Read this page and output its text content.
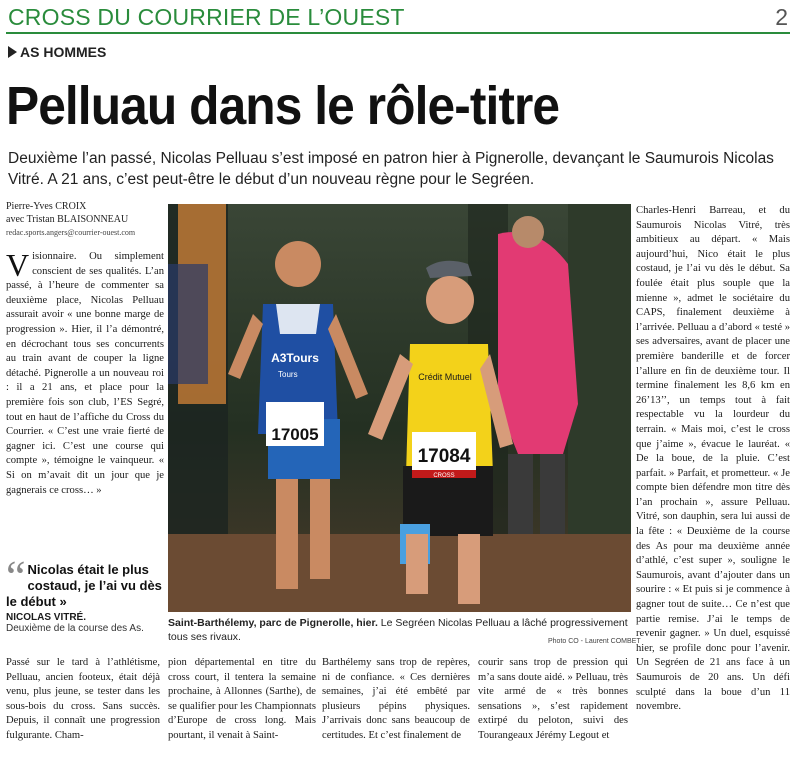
CROSS DU COURRIER DE L’OUEST	2
AS HOMMES
Pelluau dans le rôle-titre
Deuxième l’an passé, Nicolas Pelluau s’est imposé en patron hier à Pignerolle, devançant le Saumurois Nicolas Vitré. A 21 ans, c’est peut-être le début d’un nouveau règne pour le Segréen.
Pierre-Yves CROIX
avec Tristan BLAISONNEAU
redac.sports.angers@courrier-ouest.com
Visionnaire. Ou simplement conscient de ses qualités. L’an passé, à l’heure de commenter sa deuxième place, Nicolas Pelluau assurait avoir « une bonne marge de progression ». Hier, il l’a démontré, en décrochant tous ses concurrents au train avant de couper la ligne détaché. Pignerolle a un nouveau roi : il a 21 ans, et place pour la première fois son club, l’ES Segré, tout en haut de l’affiche du Cross du Courrier. « C’est une vraie fierté de gagner ici. C’est une course qui compte », témoigne le vainqueur. « Si on m’avait dit un jour que je gagnerais ce cross… »
“ Nicolas était le plus costaud, je l’ai vu dès le début »
NICOLAS VITRÉ.
Deuxième de la course des As.
A3Tours
Tours
17005
Crédit Mutuel
17084
CROSS
Saint-Barthélemy, parc de Pignerolle, hier. Le Segréen Nicolas Pelluau a lâché progressivement tous ses rivaux.	Photo CO - Laurent COMBET
Charles-Henri Barreau, et du Saumurois Nicolas Vitré, très ambitieux au départ. « Mais aujourd’hui, Nico était le plus costaud, je l’ai vu dès le début. Sa foulée était plus souple que la mienne », admet le sociétaire du CAPS, finalement deuxième à l’arrivée. Pelluau a d’abord « testé » ses adversaires, avant de placer une première banderille et de forcer l’allure en fin de deuxième tour. Il termine finalement les 8,6 km en 26’13’’, un temps tout à fait respectable vu la lourdeur du terrain. « Mais moi, c’est le cross que j’aime », évacue le lauréat. « De la boue, de la pluie. C’est parfait. » Parfait, et prometteur. « Je compte bien défendre mon titre dès l’an prochain », assure Pelluau. Vitré, son dauphin, sera lui aussi de la fête : « Deuxième de la course des As pour ma deuxième année d’athlé, c’est super », souligne le Saumurois, avant d’ajouter dans un sourire : « Et puis si je commence à gagner tout de suite… Ce n’est que partie remise. J’ai le temps de revenir gagner. » Un duel, esquissé hier, se profile donc pour l’avenir. Un Segréen de 21 ans face à un Saumurois de 20 ans. Un défi sculpté dans la boue d’un 11 novembre.
Passé sur le tard à l’athlétisme, Pelluau, ancien footeux, était déjà venu, plus jeune, se tester dans les sous-bois du cross. Sans succès. Depuis, il connaît une progression fulgurante. Cham-
pion départemental en titre du cross court, il tentera la semaine prochaine, à Allonnes (Sarthe), de se qualifier pour les Championnats d’Europe de cross long. Mais pourtant, il venait à Saint-
Barthélemy sans trop de repères, ni de confiance. « Ces dernières semaines, j’ai été embêté par plusieurs pépins physiques. J’arrivais donc sans beaucoup de certitudes. Et c’est finalement de
courir sans trop de pression qui m’a sans doute aidé. » Pelluau, très vite armé de « très bonnes sensations », s’est rapidement extirpé du peloton, suivi des Tourangeaux Jérémy Legout et
